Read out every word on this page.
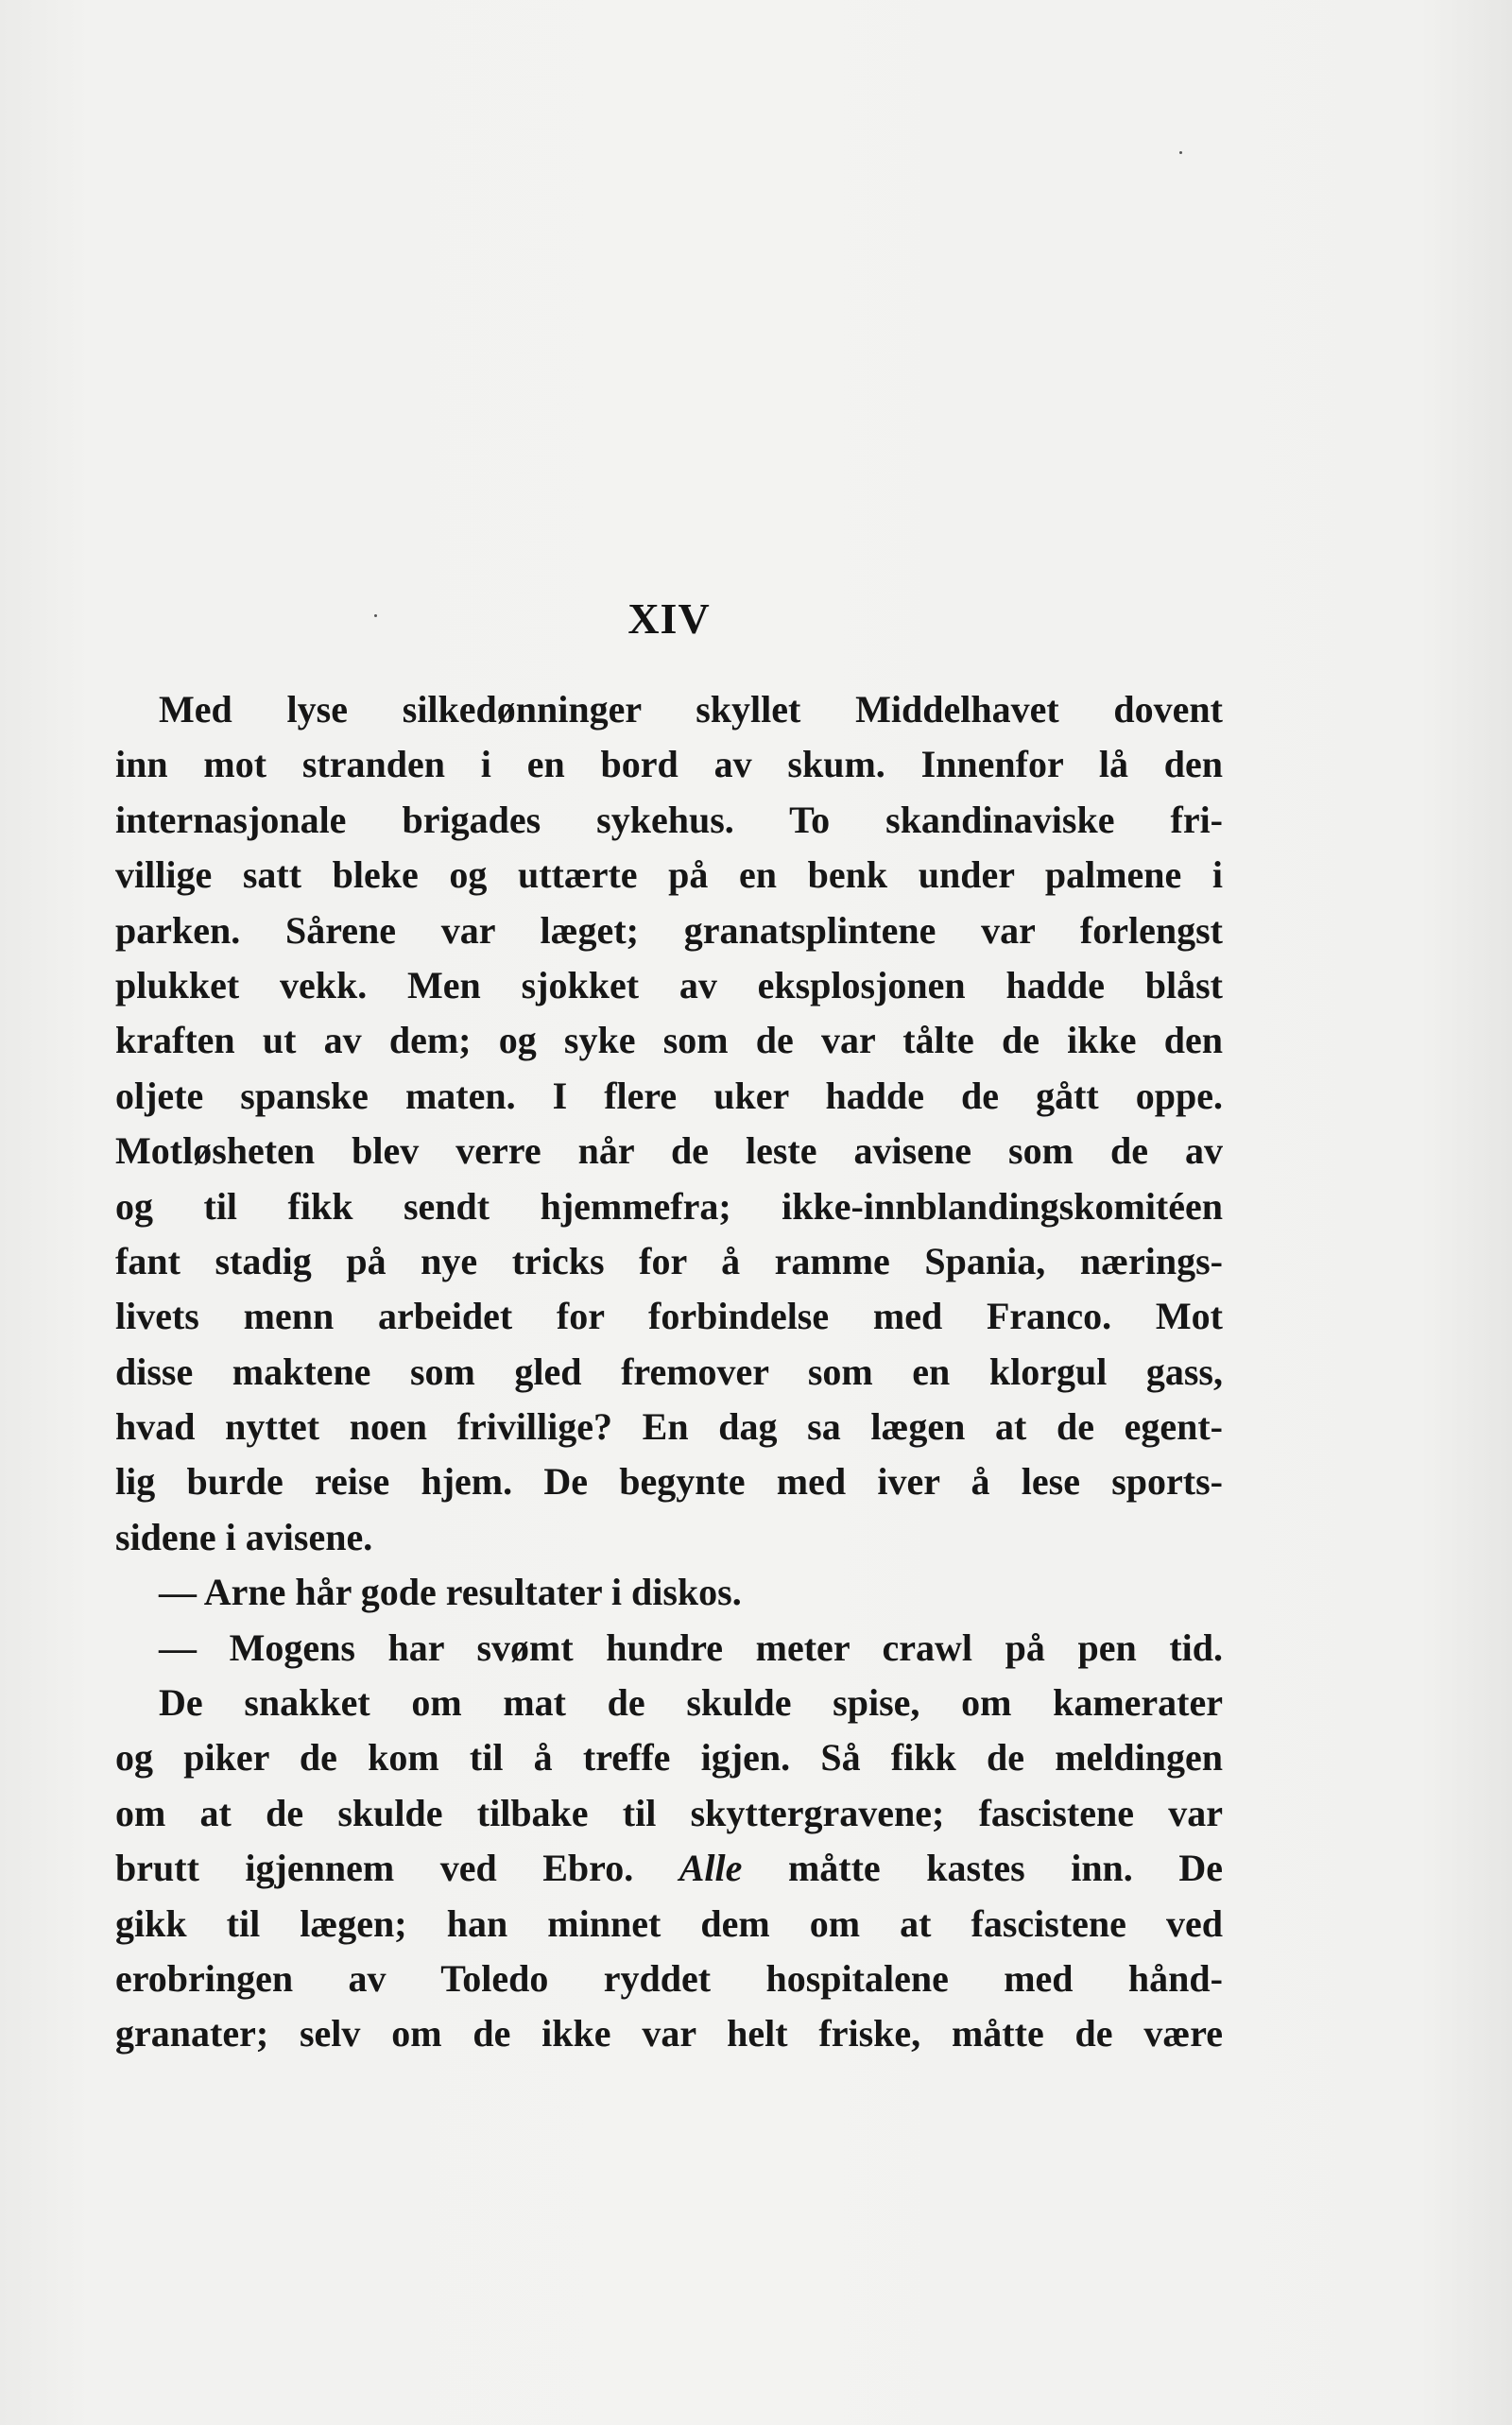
XIV
Med lyse silkedønninger skyllet Middelhavet dovent
inn mot stranden i en bord av skum. Innenfor lå den
internasjonale brigades sykehus. To skandinaviske fri-
villige satt bleke og uttærte på en benk under palmene i
parken. Sårene var læget; granatsplintene var forlengst
plukket vekk. Men sjokket av eksplosjonen hadde blåst
kraften ut av dem; og syke som de var tålte de ikke den
oljete spanske maten. I flere uker hadde de gått oppe.
Motløsheten blev verre når de leste avisene som de av
og til fikk sendt hjemmefra; ikke-innblandingskomitéen
fant stadig på nye tricks for å ramme Spania, nærings-
livets menn arbeidet for forbindelse med Franco. Mot
disse maktene som gled fremover som en klorgul gass,
hvad nyttet noen frivillige? En dag sa lægen at de egent-
lig burde reise hjem. De begynte med iver å lese sports-
sidene i avisene.
— Arne hår gode resultater i diskos.
— Mogens har svømt hundre meter crawl på pen tid.
De snakket om mat de skulde spise, om kamerater
og piker de kom til å treffe igjen. Så fikk de meldingen
om at de skulde tilbake til skyttergravene; fascistene var
brutt igjennem ved Ebro. Alle måtte kastes inn. De
gikk til lægen; han minnet dem om at fascistene ved
erobringen av Toledo ryddet hospitalene med hånd-
granater; selv om de ikke var helt friske, måtte de være
